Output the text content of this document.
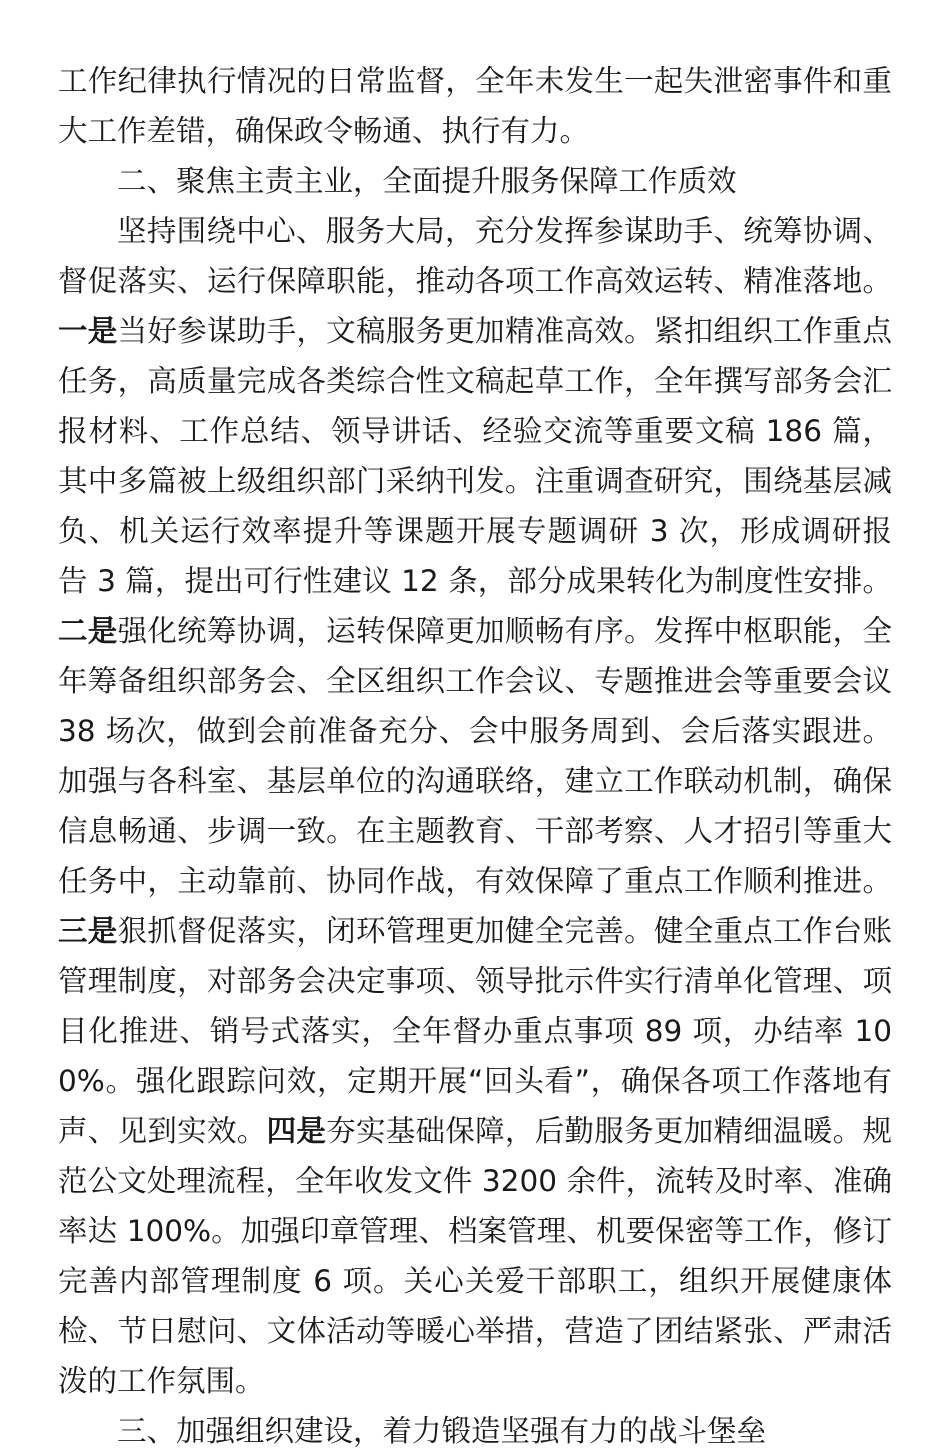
工作纪律执行情况的日常监督，全年未发生一起失泄密事件和重大工作差错，确保政令畅通、执行有力。

二、聚焦主责主业，全面提升服务保障工作质效

坚持围绕中心、服务大局，充分发挥参谋助手、统筹协调、督促落实、运行保障职能，推动各项工作高效运转、精准落地。一是当好参谋助手，文稿服务更加精准高效。紧扣组织工作重点任务，高质量完成各类综合性文稿起草工作，全年撰写部务会汇报材料、工作总结、领导讲话、经验交流等重要文稿 186 篇，其中多篇被上级组织部门采纳刊发。注重调查研究，围绕基层减负、机关运行效率提升等课题开展专题调研 3 次，形成调研报告 3 篇，提出可行性建议 12 条，部分成果转化为制度性安排。二是强化统筹协调，运转保障更加顺畅有序。发挥中枢职能，全年筹备组织部务会、全区组织工作会议、专题推进会等重要会议 38 场次，做到会前准备充分、会中服务周到、会后落实跟进。加强与各科室、基层单位的沟通联络，建立工作联动机制，确保信息畅通、步调一致。在主题教育、干部考察、人才招引等重大任务中，主动靠前、协同作战，有效保障了重点工作顺利推进。三是狠抓督促落实，闭环管理更加健全完善。健全重点工作台账管理制度，对部务会决定事项、领导批示件实行清单化管理、项目化推进、销号式落实，全年督办重点事项 89 项，办结率 100%。强化跟踪问效，定期开展“回头看”，确保各项工作落地有声、见到实效。四是夯实基础保障，后勤服务更加精细温暖。规范公文处理流程，全年收发文件 3200 余件，流转及时率、准确率达 100%。加强印章管理、档案管理、机要保密等工作，修订完善内部管理制度 6 项。关心关爱干部职工，组织开展健康体检、节日慰问、文体活动等暖心举措，营造了团结紧张、严肃活泼的工作氛围。

三、加强组织建设，着力锻造坚强有力的战斗堡垒
